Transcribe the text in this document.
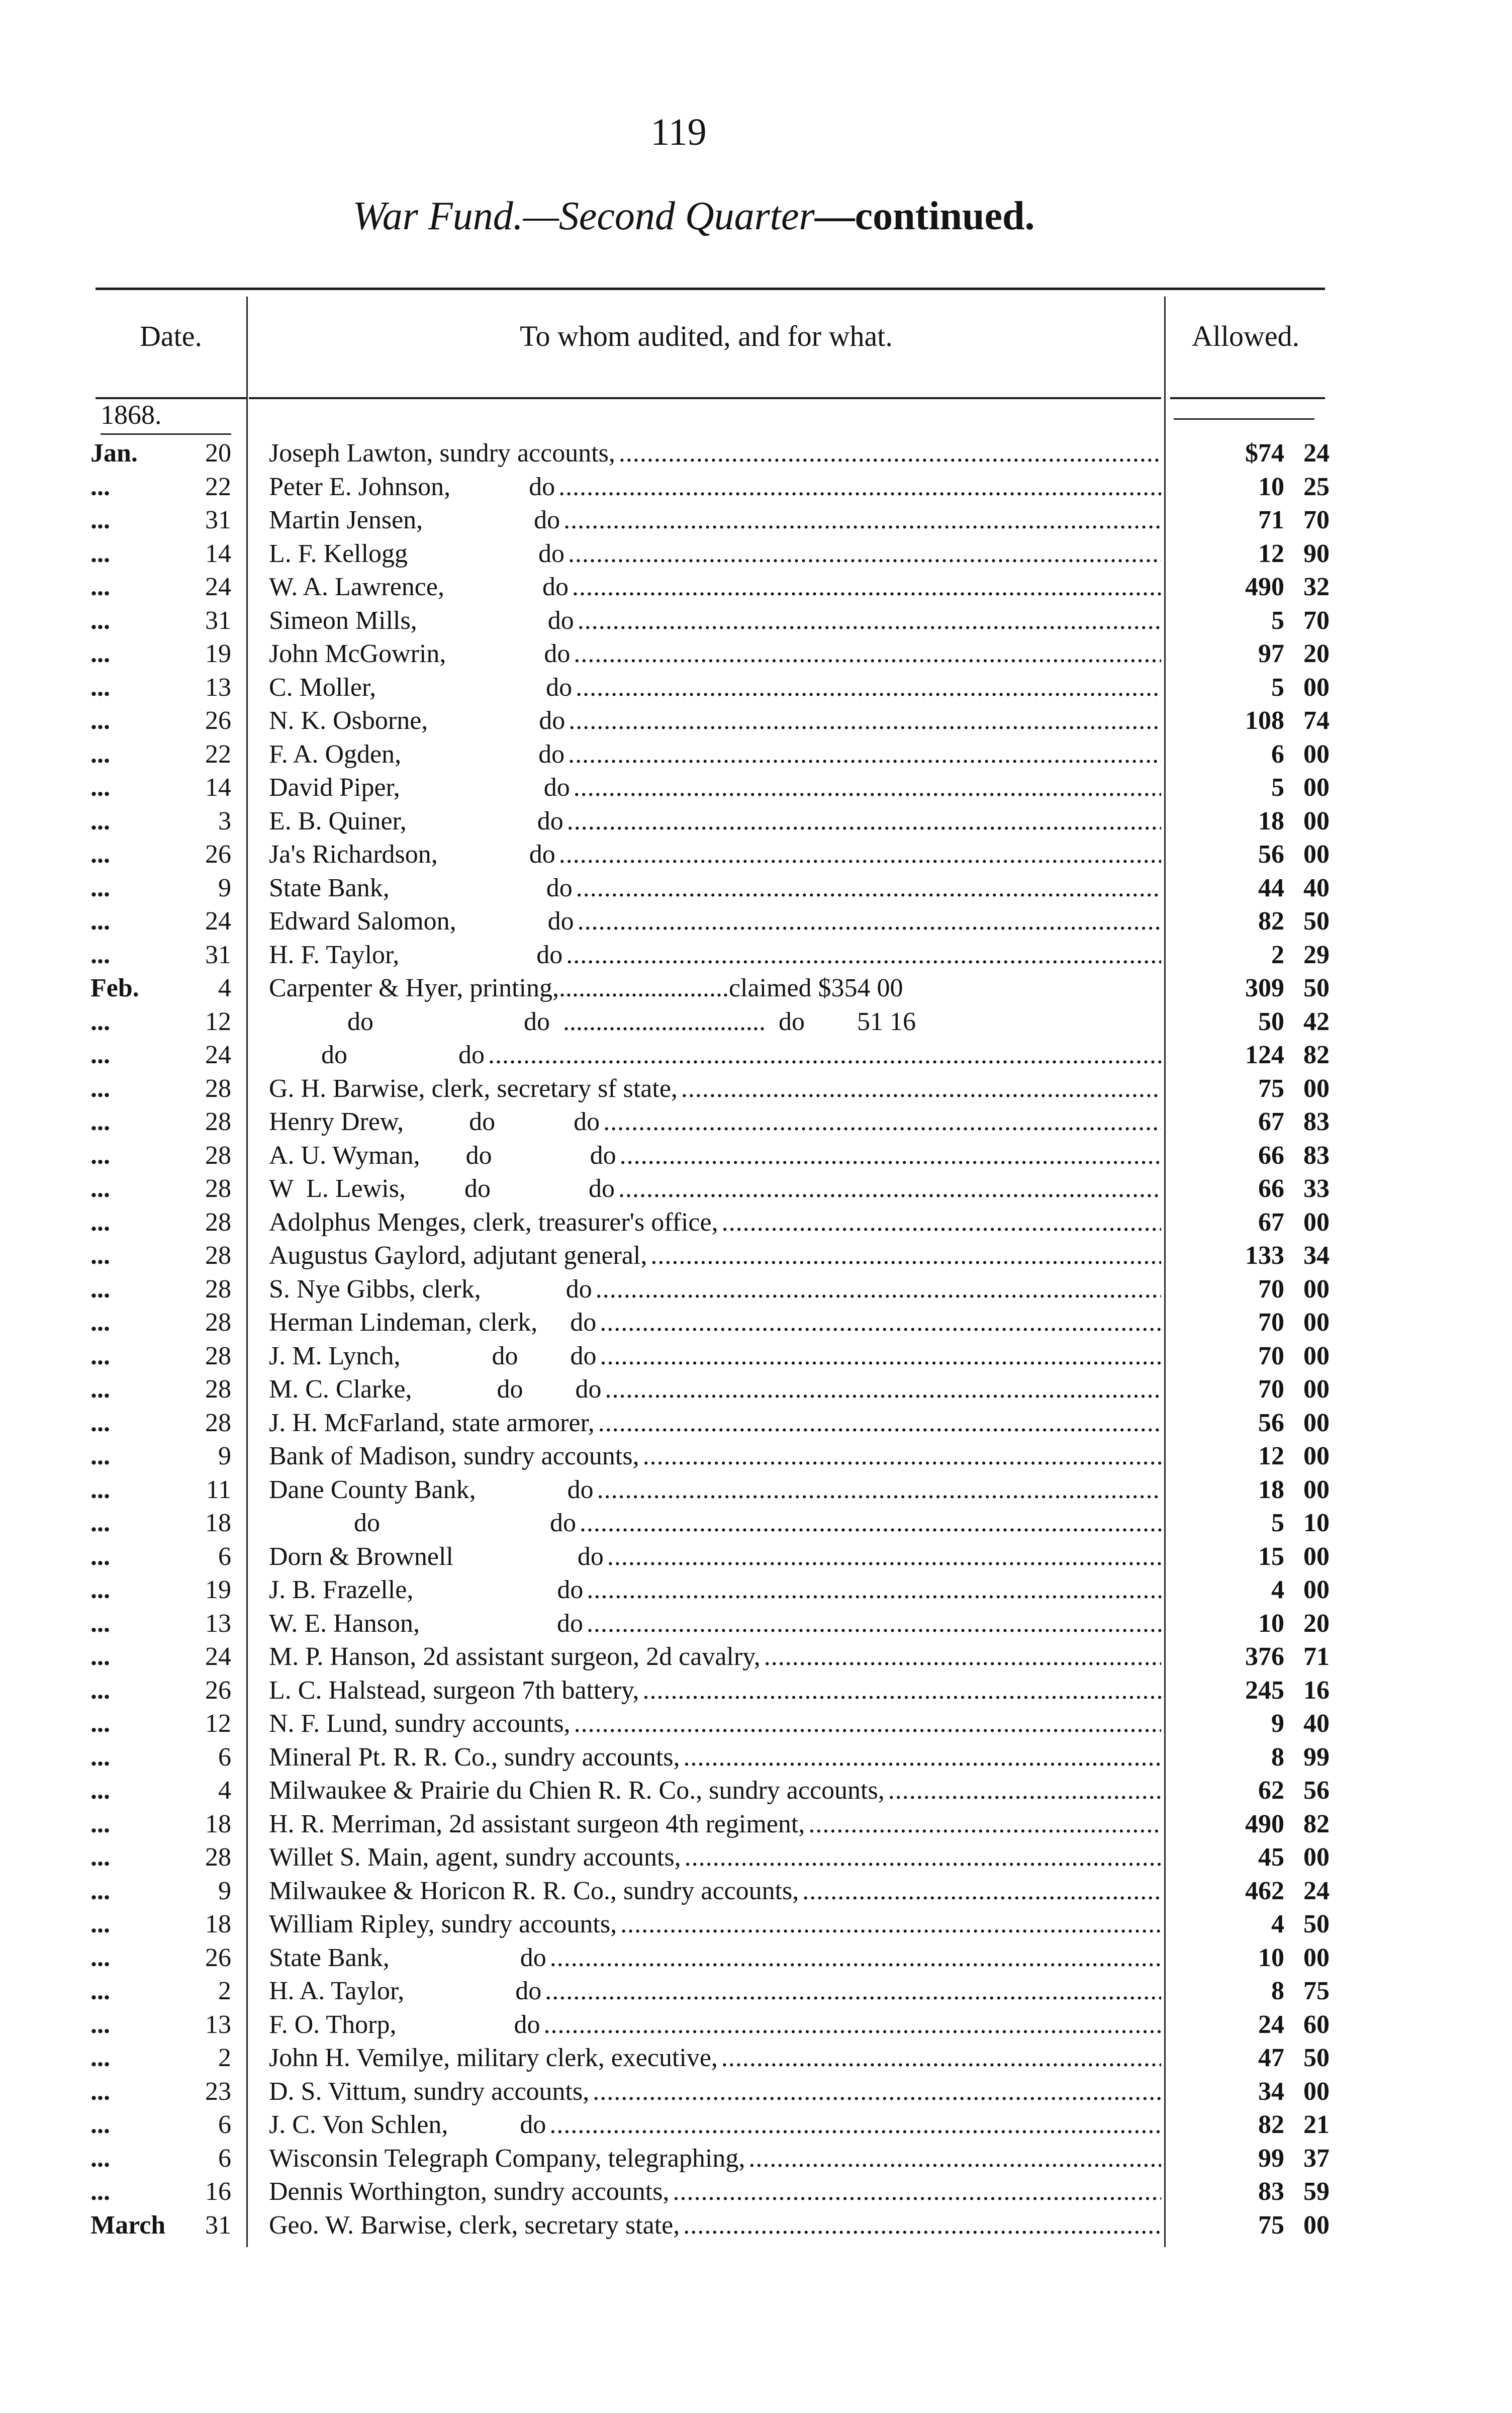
119
War Fund.—Second Quarter—continued.
Date.	To whom audited, and for what.	Allowed.
1868.
Jan.	20 Joseph Lawton, sundry accounts, . . .	$74 24
...	22 Peter E. Johnson,            do . . .	10 25
...	31 Martin Jensen,                 do . . .	71 70
...	14 L. F. Kellogg                    do . . .	12 90
...	24 W. A. Lawrence,               do . . .	490 32
...	31 Simeon Mills,                    do . . .	5 70
...	19 John McGowrin,               do . . .	97 20
...	13 C. Moller,                          do . . .	5 00
...	26 N. K. Osborne,                 do . . .	108 74
...	22 F. A. Ogden,                     do . . .	6 00
...	14 David Piper,                      do . . .	5 00
...	3 E. B. Quiner,                    do . . .	18 00
...	26 Ja's Richardson,              do . . .	56 00
...	9 State Bank,                        do . . .	44 40
...	24 Edward Salomon,              do . . .	82 50
...	31 H. F. Taylor,                     do . . .	2 29
Feb.	4 Carpenter & Hyer, printing,..........................claimed $354 00	309 50
...	12 do                       do  ...............................  do        51 16	50 42
...	24 do                 do . . .	124 82
...	28 G. H. Barwise, clerk, secretary sf state, . . .	75 00
...	28 Henry Drew,          do            do . . .	67 83
...	28 A. U. Wyman,       do               do . . .	66 83
...	28 W  L. Lewis,         do               do . . .	66 33
...	28 Adolphus Menges, clerk, treasurer's office, . . .	67 00
...	28 Augustus Gaylord, adjutant general, . . .	133 34
...	28 S. Nye Gibbs, clerk,             do . . .	70 00
...	28 Herman Lindeman, clerk,     do . . .	70 00
...	28 J. M. Lynch,              do        do . . .	70 00
...	28 M. C. Clarke,             do        do . . .	70 00
...	28 J. H. McFarland, state armorer, . . .	56 00
...	9 Bank of Madison, sundry accounts, . . .	12 00
...	11 Dane County Bank,              do . . .	18 00
...	18 do                          do . . .	5 10
...	6 Dorn & Brownell                   do . . .	15 00
...	19 J. B. Frazelle,                      do . . .	4 00
...	13 W. E. Hanson,                     do . . .	10 20
...	24 M. P. Hanson, 2d assistant surgeon, 2d cavalry, . . .	376 71
...	26 L. C. Halstead, surgeon 7th battery, . . .	245 16
...	12 N. F. Lund, sundry accounts, . . .	9 40
...	6 Mineral Pt. R. R. Co., sundry accounts, . . .	8 99
...	4 Milwaukee & Prairie du Chien R. R. Co., sundry accounts, . . .	62 56
...	18 H. R. Merriman, 2d assistant surgeon 4th regiment, . . .	490 82
...	28 Willet S. Main, agent, sundry accounts, . . .	45 00
...	9 Milwaukee & Horicon R. R. Co., sundry accounts, . . .	462 24
...	18 William Ripley, sundry accounts, . . .	4 50
...	26 State Bank,                    do . . .	10 00
...	2 H. A. Taylor,                 do . . .	8 75
...	13 F. O. Thorp,                  do . . .	24 60
...	2 John H. Vemilye, military clerk, executive, . . .	47 50
...	23 D. S. Vittum, sundry accounts, . . .	34 00
...	6 J. C. Von Schlen,           do . . .	82 21
...	6 Wisconsin Telegraph Company, telegraphing, . . .	99 37
...	16 Dennis Worthington, sundry accounts, . . .	83 59
March	31 Geo. W. Barwise, clerk, secretary state, . . .	75 00
